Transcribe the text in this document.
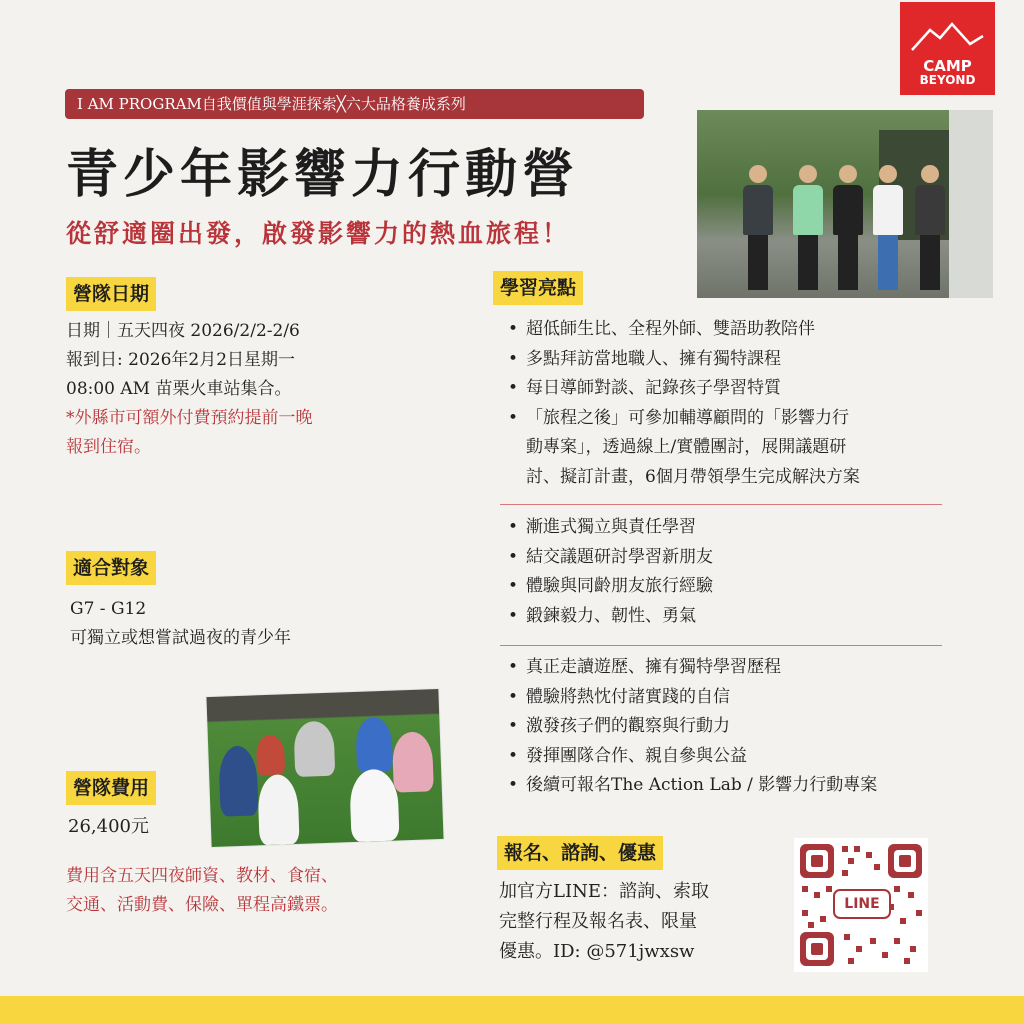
CAMP
BEYOND
I AM PROGRAM自我價值與學涯探索╳六大品格養成系列
青少年影響力行動營
從舒適圈出發，啟發影響力的熱血旅程！
營隊日期
適合對象
營隊費用
學習亮點
報名、諮詢、優惠
日期｜五天四夜 2026/2/2-2/6
報到日: 2026年2月2日星期一
08:00 AM 苗栗火車站集合。
*外縣市可額外付費預約提前一晚
報到住宿。
G7 - G12
可獨立或想嘗試過夜的青少年
26,400元
費用含五天四夜師資、教材、食宿、
交通、活動費、保險、單程高鐵票。
• 超低師生比、全程外師、雙語助教陪伴
• 多點拜訪當地職人、擁有獨特課程
• 每日導師對談、記錄孩子學習特質
• 「旅程之後」可參加輔導顧問的「影響力行
動專案」，透過線上/實體團討，展開議題研
討、擬訂計畫，6個月帶領學生完成解決方案
• 漸進式獨立與責任學習
• 結交議題研討學習新朋友
• 體驗與同齡朋友旅行經驗
• 鍛鍊毅力、韌性、勇氣
• 真正走讀遊歷、擁有獨特學習歷程
• 體驗將熱忱付諸實踐的自信
• 激發孩子們的觀察與行動力
• 發揮團隊合作、親自參與公益
• 後續可報名The Action Lab / 影響力行動專案
加官方LINE：諮詢、索取
完整行程及報名表、限量
優惠。ID: @571jwxsw
LINE
